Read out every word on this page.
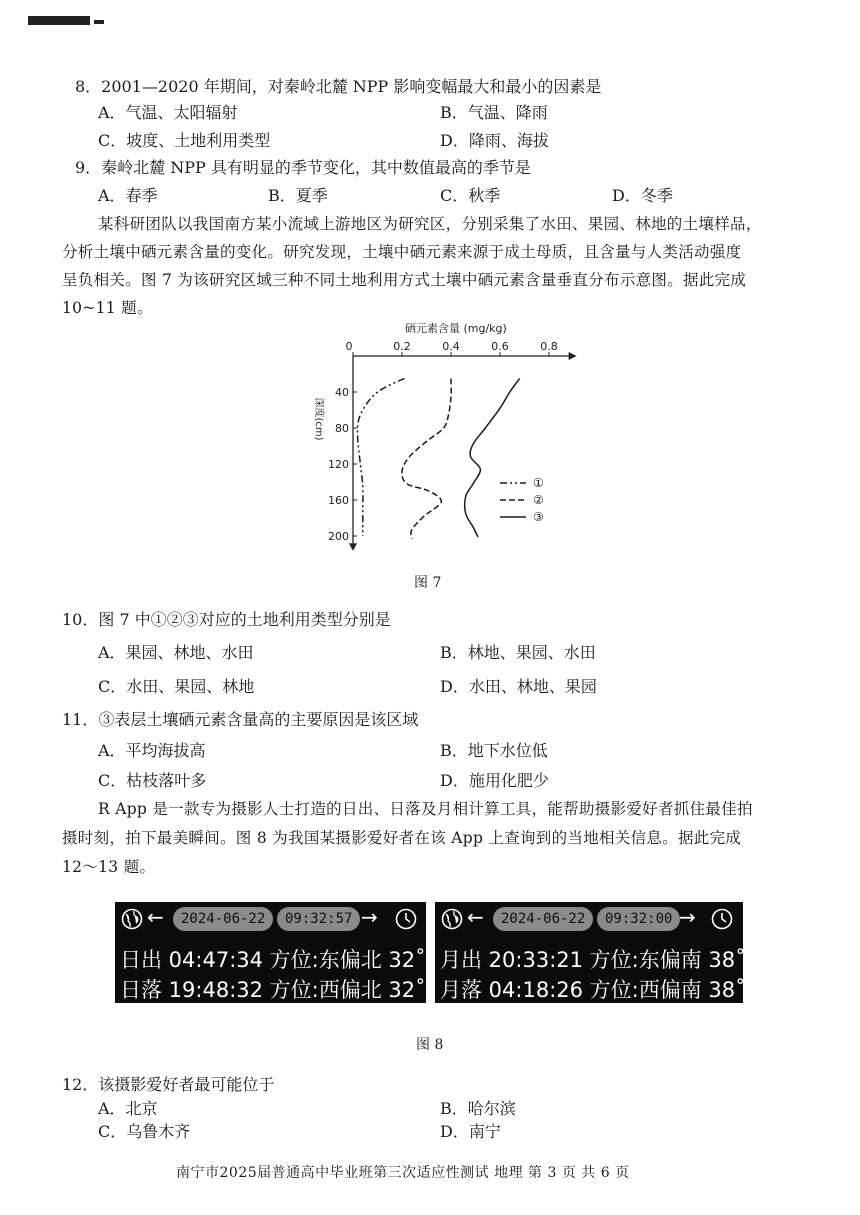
8．2001—2020 年期间，对秦岭北麓 NPP 影响变幅最大和最小的因素是
A．气温、太阳辐射	B．气温、降雨
C．坡度、土地利用类型	D．降雨、海拔
9．秦岭北麓 NPP 具有明显的季节变化，其中数值最高的季节是
A．春季	B．夏季	C．秋季	D．冬季
某科研团队以我国南方某小流域上游地区为研究区，分别采集了水田、果园、林地的土壤样品，
分析土壤中硒元素含量的变化。研究发现，土壤中硒元素来源于成土母质，且含量与人类活动强度
呈负相关。图 7 为该研究区域三种不同土地利用方式土壤中硒元素含量垂直分布示意图。据此完成
10~11 题。
硒元素含量 (mg/kg)
0	0.2	0.4	0.6	0.8
40
80
120
160
200
深度(cm)
①
②
③
图 7
10．图 7 中①②③对应的土地利用类型分别是
A．果园、林地、水田	B．林地、果园、水田
C．水田、果园、林地	D．水田、林地、果园
11．③表层土壤硒元素含量高的主要原因是该区域
A．平均海拔高	B．地下水位低
C．枯枝落叶多	D．施用化肥少
R App 是一款专为摄影人士打造的日出、日落及月相计算工具，能帮助摄影爱好者抓住最佳拍
摄时刻，拍下最美瞬间。图 8 为我国某摄影爱好者在该 App 上查询到的当地相关信息。据此完成
12～13 题。
←	2024-06-22	09:32:57 →
日出 04:47:34 方位:东偏北 32˚
日落 19:48:32 方位:西偏北 32˚
←	2024-06-22	09:32:00 →
月出 20:33:21 方位:东偏南 38˚
月落 04:18:26 方位:西偏南 38˚
图 8
12．该摄影爱好者最可能位于
A．北京	B．哈尔滨
C．乌鲁木齐	D．南宁
南宁市2025届普通高中毕业班第三次适应性测试 地理 第 3 页 共 6 页
